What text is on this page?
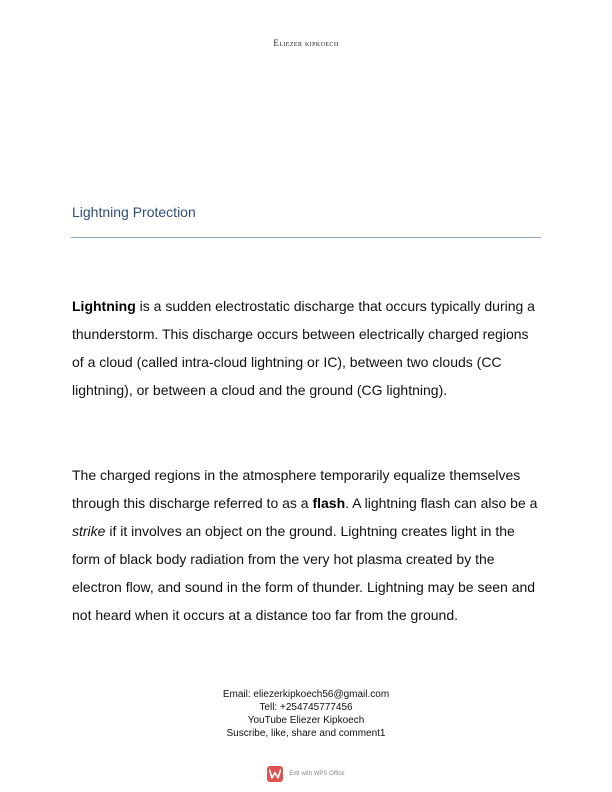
Eliezer kipkoech
Lightning Protection

Lightning is a sudden electrostatic discharge that occurs typically during a thunderstorm. This discharge occurs between electrically charged regions of a cloud (called intra-cloud lightning or IC), between two clouds (CC lightning), or between a cloud and the ground (CG lightning).

The charged regions in the atmosphere temporarily equalize themselves through this discharge referred to as a flash. A lightning flash can also be a strike if it involves an object on the ground. Lightning creates light in the form of black body radiation from the very hot plasma created by the electron flow, and sound in the form of thunder. Lightning may be seen and not heard when it occurs at a distance too far from the ground.

Email: eliezerkipkoech56@gmail.com
Tell: +254745777456
YouTube Eliezer Kipkoech
Suscribe, like, share and comment1
Edit with WPS Office
